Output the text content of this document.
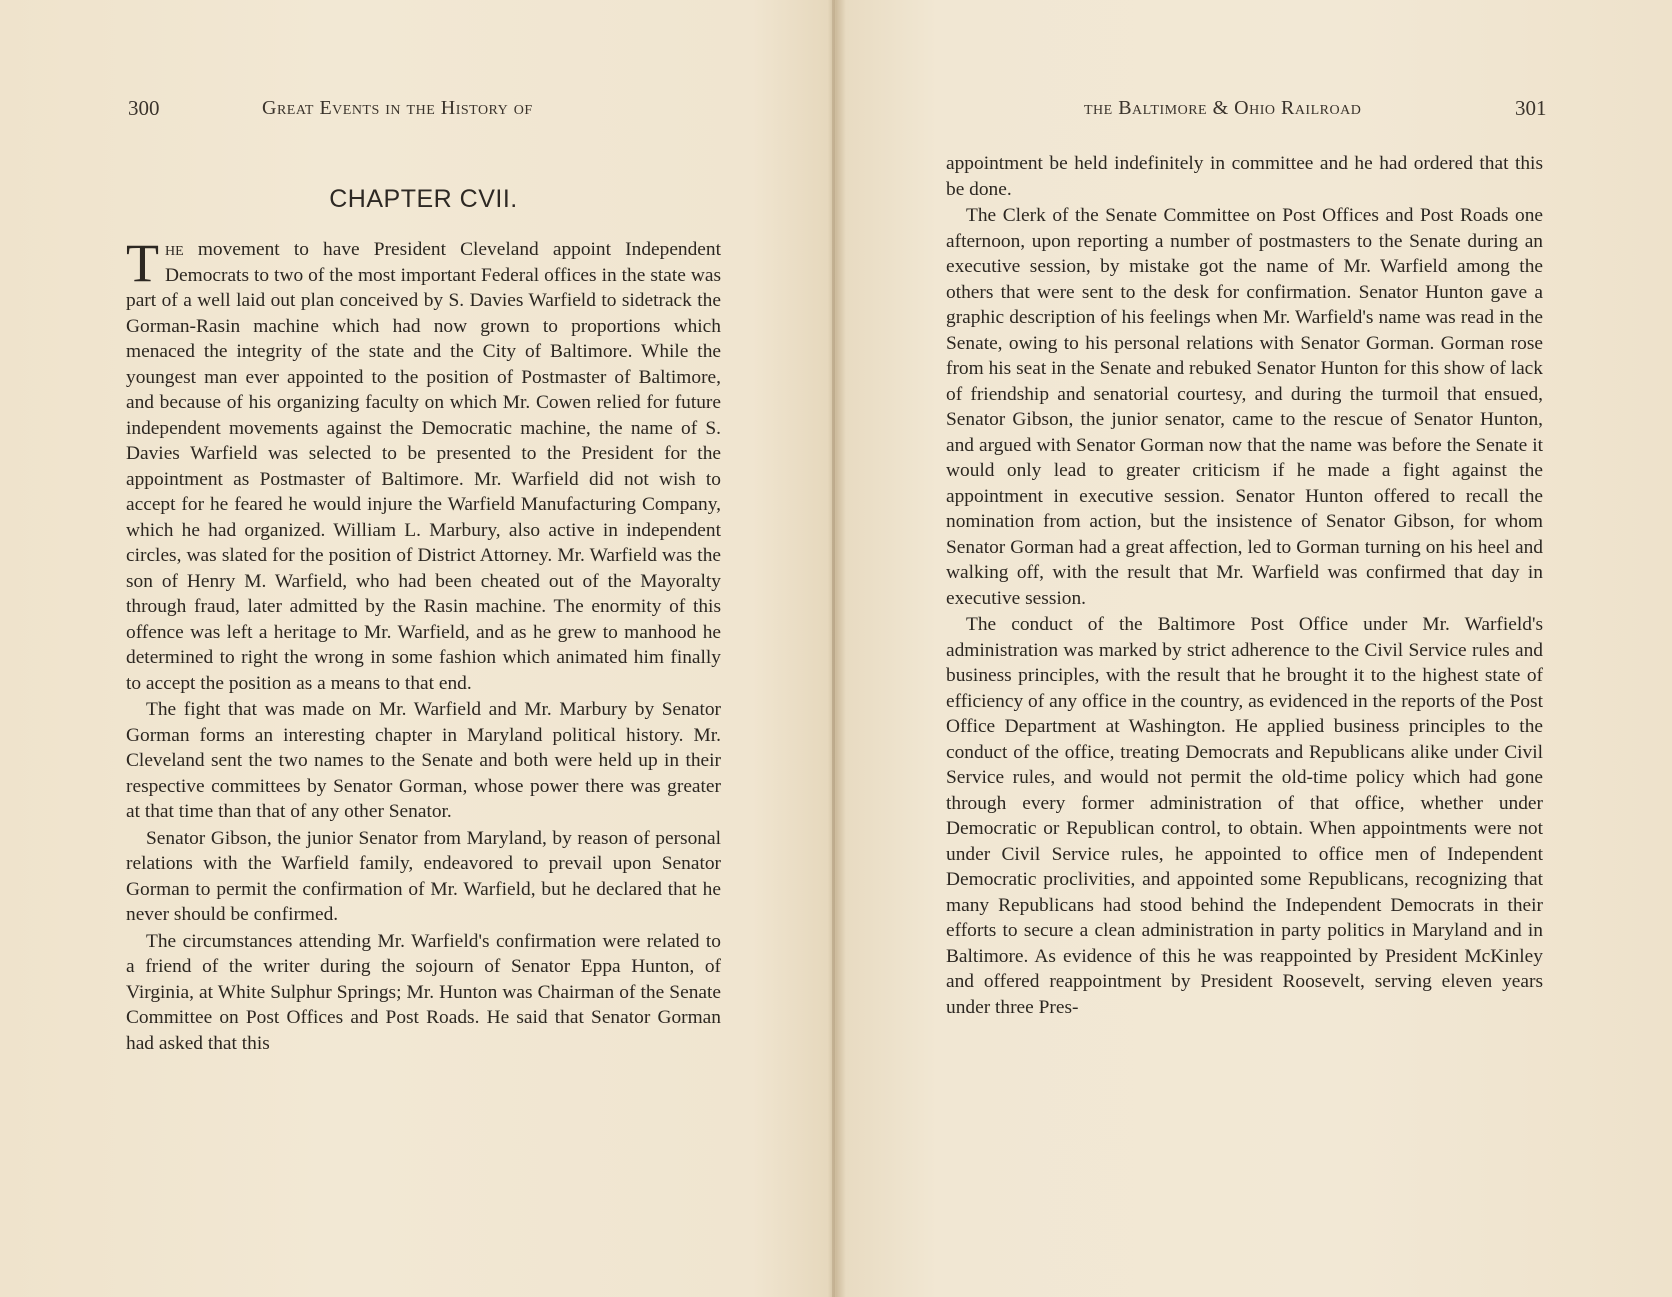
300	Great Events in the History of
CHAPTER CVII.

The movement to have President Cleveland appoint Independent Democrats to two of the most important Federal offices in the state was part of a well laid out plan conceived by S. Davies Warfield to sidetrack the Gorman-Rasin machine which had now grown to proportions which menaced the integrity of the state and the City of Baltimore. While the youngest man ever appointed to the position of Postmaster of Baltimore, and because of his organizing faculty on which Mr. Cowen relied for future independent movements against the Democratic machine, the name of S. Davies Warfield was selected to be presented to the President for the appointment as Postmaster of Baltimore. Mr. Warfield did not wish to accept for he feared he would injure the Warfield Manufacturing Company, which he had organized. William L. Marbury, also active in independent circles, was slated for the position of District Attorney. Mr. Warfield was the son of Henry M. Warfield, who had been cheated out of the Mayoralty through fraud, later admitted by the Rasin machine. The enormity of this offence was left a heritage to Mr. Warfield, and as he grew to manhood he determined to right the wrong in some fashion which animated him finally to accept the position as a means to that end.

The fight that was made on Mr. Warfield and Mr. Marbury by Senator Gorman forms an interesting chapter in Maryland political history. Mr. Cleveland sent the two names to the Senate and both were held up in their respective committees by Senator Gorman, whose power there was greater at that time than that of any other Senator.

Senator Gibson, the junior Senator from Maryland, by reason of personal relations with the Warfield family, endeavored to prevail upon Senator Gorman to permit the confirmation of Mr. Warfield, but he declared that he never should be confirmed.

The circumstances attending Mr. Warfield's confirmation were related to a friend of the writer during the sojourn of Senator Eppa Hunton, of Virginia, at White Sulphur Springs; Mr. Hunton was Chairman of the Senate Committee on Post Offices and Post Roads. He said that Senator Gorman had asked that this

the Baltimore & Ohio Railroad	301

appointment be held indefinitely in committee and he had ordered that this be done.

The Clerk of the Senate Committee on Post Offices and Post Roads one afternoon, upon reporting a number of postmasters to the Senate during an executive session, by mistake got the name of Mr. Warfield among the others that were sent to the desk for confirmation. Senator Hunton gave a graphic description of his feelings when Mr. Warfield's name was read in the Senate, owing to his personal relations with Senator Gorman. Gorman rose from his seat in the Senate and rebuked Senator Hunton for this show of lack of friendship and senatorial courtesy, and during the turmoil that ensued, Senator Gibson, the junior senator, came to the rescue of Senator Hunton, and argued with Senator Gorman now that the name was before the Senate it would only lead to greater criticism if he made a fight against the appointment in executive session. Senator Hunton offered to recall the nomination from action, but the insistence of Senator Gibson, for whom Senator Gorman had a great affection, led to Gorman turning on his heel and walking off, with the result that Mr. Warfield was confirmed that day in executive session.

The conduct of the Baltimore Post Office under Mr. Warfield's administration was marked by strict adherence to the Civil Service rules and business principles, with the result that he brought it to the highest state of efficiency of any office in the country, as evidenced in the reports of the Post Office Department at Washington. He applied business principles to the conduct of the office, treating Democrats and Republicans alike under Civil Service rules, and would not permit the old-time policy which had gone through every former administration of that office, whether under Democratic or Republican control, to obtain. When appointments were not under Civil Service rules, he appointed to office men of Independent Democratic proclivities, and appointed some Republicans, recognizing that many Republicans had stood behind the Independent Democrats in their efforts to secure a clean administration in party politics in Maryland and in Baltimore. As evidence of this he was reappointed by President McKinley and offered reappointment by President Roosevelt, serving eleven years under three Pres-
